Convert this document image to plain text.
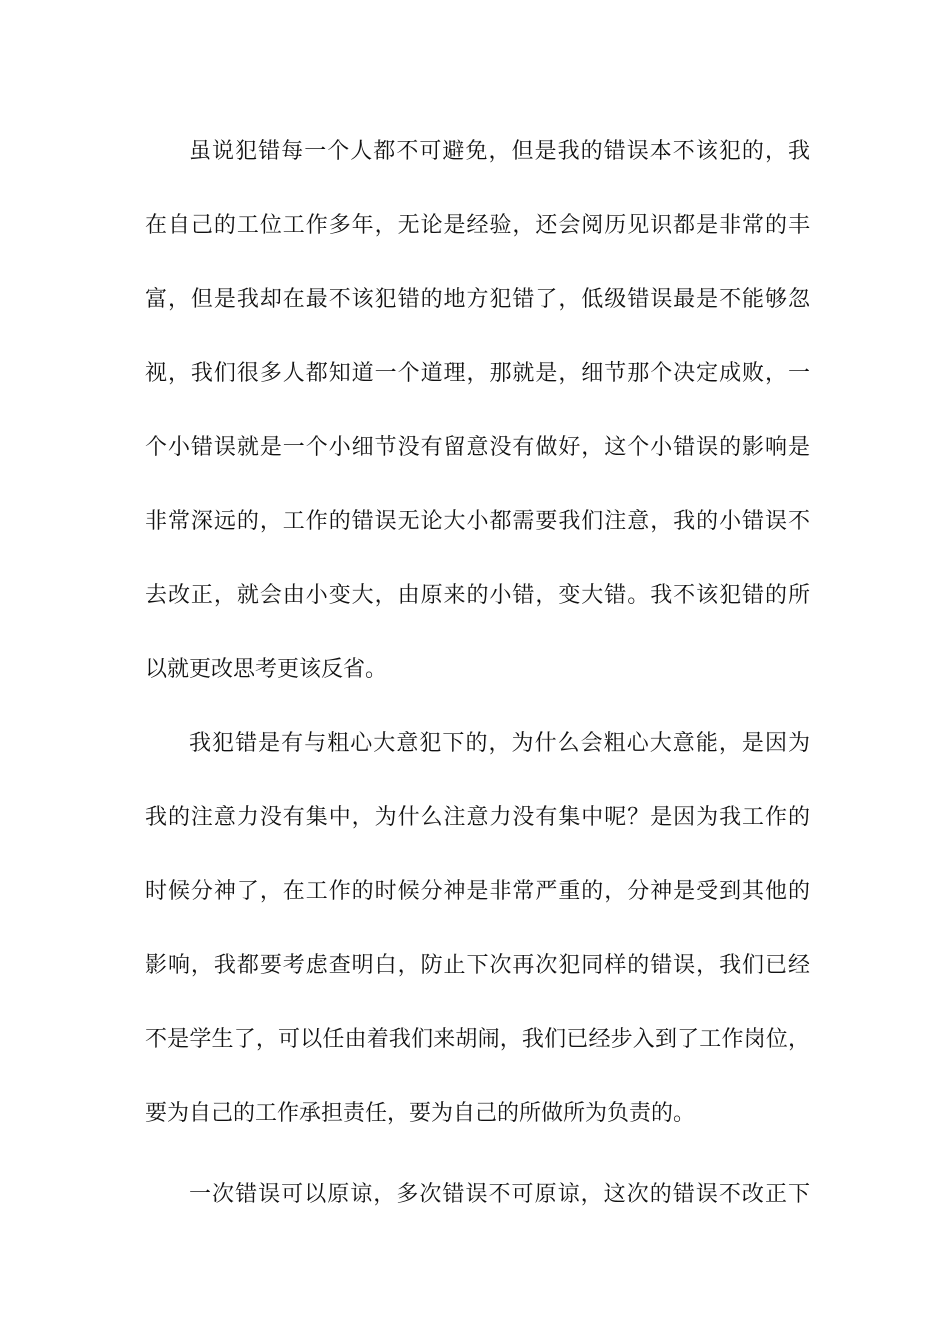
虽说犯错每一个人都不可避免，但是我的错误本不该犯的，我

在自己的工位工作多年，无论是经验，还会阅历见识都是非常的丰

富，但是我却在最不该犯错的地方犯错了，低级错误最是不能够忽

视，我们很多人都知道一个道理，那就是，细节那个决定成败，一

个小错误就是一个小细节没有留意没有做好，这个小错误的影响是

非常深远的，工作的错误无论大小都需要我们注意，我的小错误不

去改正，就会由小变大，由原来的小错，变大错。我不该犯错的所

以就更改思考更该反省。

我犯错是有与粗心大意犯下的，为什么会粗心大意能，是因为

我的注意力没有集中，为什么注意力没有集中呢？是因为我工作的

时候分神了，在工作的时候分神是非常严重的，分神是受到其他的

影响，我都要考虑查明白，防止下次再次犯同样的错误，我们已经

不是学生了，可以任由着我们来胡闹，我们已经步入到了工作岗位，

要为自己的工作承担责任，要为自己的所做所为负责的。

一次错误可以原谅，多次错误不可原谅，这次的错误不改正下
